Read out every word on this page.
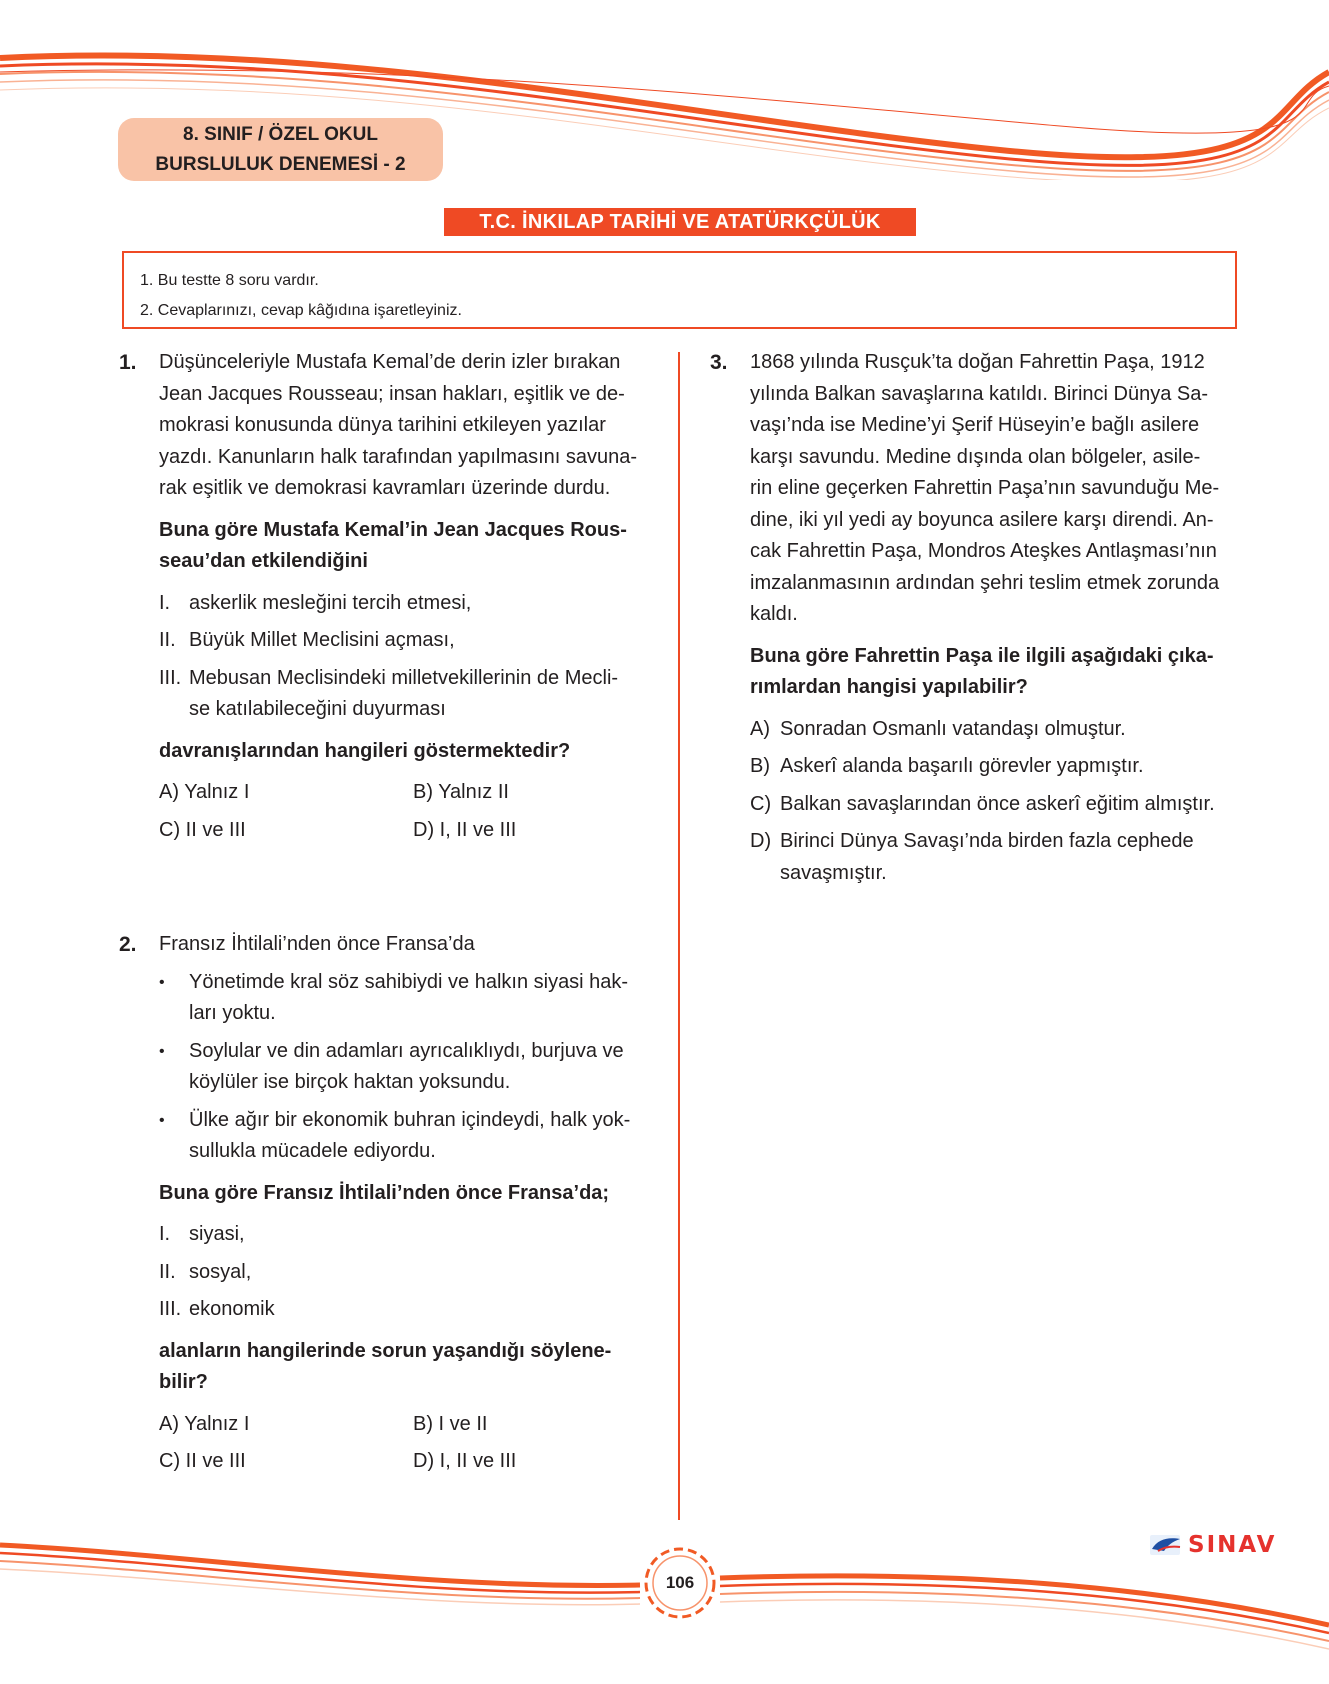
8. SINIF / ÖZEL OKUL
BURSLULUK DENEMESİ - 2
T.C. İNKILAP TARİHİ VE ATATÜRKÇÜLÜK
1. Bu testte 8 soru vardır.
2. Cevaplarınızı, cevap kâğıdına işaretleyiniz.
1. Düşünceleriyle Mustafa Kemal’de derin izler bırakan

Jean Jacques Rousseau; insan hakları, eşitlik ve de-

mokrasi konusunda dünya tarihini etkileyen yazılar

yazdı. Kanunların halk tarafından yapılmasını savuna-

rak eşitlik ve demokrasi kavramları üzerinde durdu.

Buna göre Mustafa Kemal’in Jean Jacques Rous-

seau’dan etkilendiğini

I. askerlik mesleğini tercih etmesi,
II. Büyük Millet Meclisini açması,
III. Mebusan Meclisindeki milletvekillerinin de Mecli-

se katılabileceğini duyurması

davranışlarından hangileri göstermektedir?

A) Yalnız I	B) Yalnız II
C) II ve III	D) I, II ve III
2. Fransız İhtilali’nden önce Fransa’da

•	Yönetimde kral söz sahibiydi ve halkın siyasi hak-

ları yoktu.

•	Soylular ve din adamları ayrıcalıklıydı, burjuva ve

köylüler ise birçok haktan yoksundu.

•	Ülke ağır bir ekonomik buhran içindeydi, halk yok-

sullukla mücadele ediyordu.

Buna göre Fransız İhtilali’nden önce Fransa’da;

I. siyasi,
II. sosyal,
III. ekonomik

alanların hangilerinde sorun yaşandığı söylene-

bilir?

A) Yalnız I	B) I ve II
C) II ve III	D) I, II ve III
3. 1868 yılında Rusçuk’ta doğan Fahrettin Paşa, 1912

yılında Balkan savaşlarına katıldı. Birinci Dünya Sa-

vaşı’nda ise Medine’yi Şerif Hüseyin’e bağlı asilere

karşı savundu. Medine dışında olan bölgeler, asile-

rin eline geçerken Fahrettin Paşa’nın savunduğu Me-

dine, iki yıl yedi ay boyunca asilere karşı direndi. An-

cak Fahrettin Paşa, Mondros Ateşkes Antlaşması’nın

imzalanmasının ardından şehri teslim etmek zorunda

kaldı.

Buna göre Fahrettin Paşa ile ilgili aşağıdaki çıka-

rımlardan hangisi yapılabilir?

A) Sonradan Osmanlı vatandaşı olmuştur.
B) Askerî alanda başarılı görevler yapmıştır.
C) Balkan savaşlarından önce askerî eğitim almıştır.
D) Birinci Dünya Savaşı’nda birden fazla cephede

savaşmıştır.

106
SINAV
